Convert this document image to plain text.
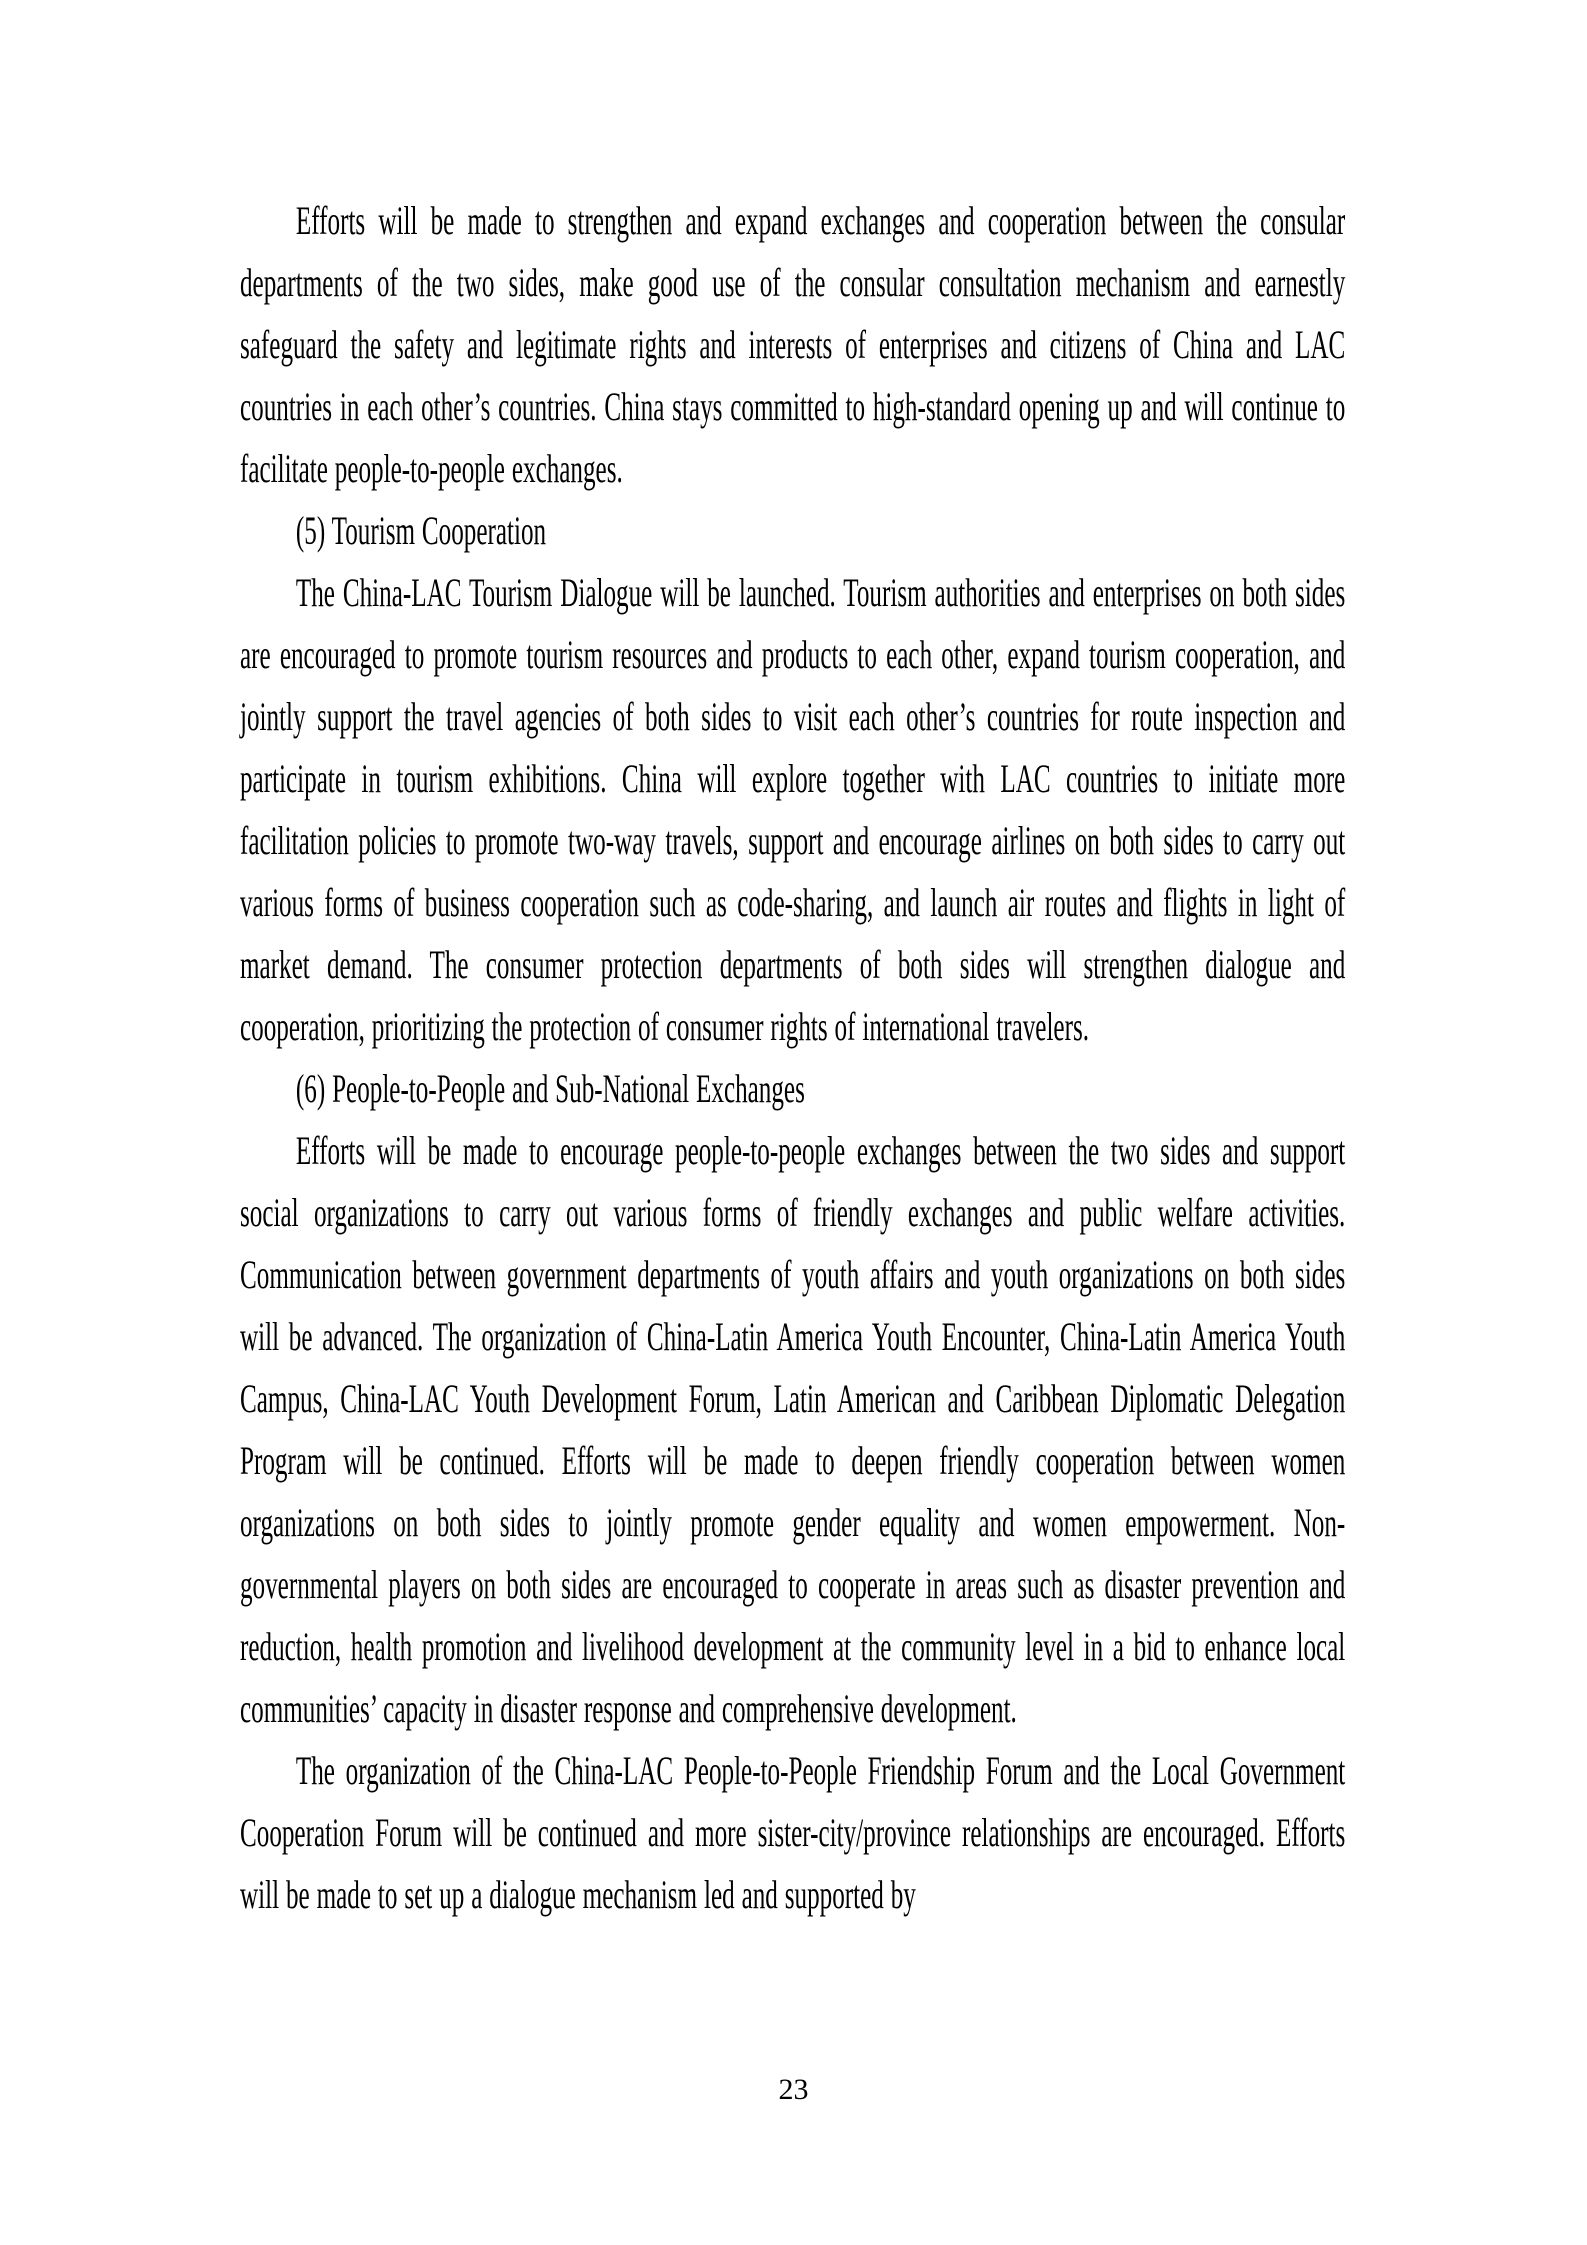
Efforts will be made to strengthen and expand exchanges and cooperation between the consular departments of the two sides, make good use of the consular consultation mechanism and earnestly safeguard the safety and legitimate rights and interests of enterprises and citizens of China and LAC countries in each other’s countries. China stays committed to high-standard opening up and will continue to facilitate people-to-people exchanges.

(5) Tourism Cooperation

The China-LAC Tourism Dialogue will be launched. Tourism authorities and enterprises on both sides are encouraged to promote tourism resources and products to each other, expand tourism cooperation, and jointly support the travel agencies of both sides to visit each other’s countries for route inspection and participate in tourism exhibitions. China will explore together with LAC countries to initiate more facilitation policies to promote two-way travels, support and encourage airlines on both sides to carry out various forms of business cooperation such as code-sharing, and launch air routes and flights in light of market demand. The consumer protection departments of both sides will strengthen dialogue and cooperation, prioritizing the protection of consumer rights of international travelers.

(6) People-to-People and Sub-National Exchanges

Efforts will be made to encourage people-to-people exchanges between the two sides and support social organizations to carry out various forms of friendly exchanges and public welfare activities. Communication between government departments of youth affairs and youth organizations on both sides will be advanced. The organization of China-Latin America Youth Encounter, China-Latin America Youth Campus, China-LAC Youth Development Forum, Latin American and Caribbean Diplomatic Delegation Program will be continued. Efforts will be made to deepen friendly cooperation between women organizations on both sides to jointly promote gender equality and women empowerment. Non-governmental players on both sides are encouraged to cooperate in areas such as disaster prevention and reduction, health promotion and livelihood development at the community level in a bid to enhance local communities’ capacity in disaster response and comprehensive development.

The organization of the China-LAC People-to-People Friendship Forum and the Local Government Cooperation Forum will be continued and more sister-city/province relationships are encouraged. Efforts will be made to set up a dialogue mechanism led and supported by

23
